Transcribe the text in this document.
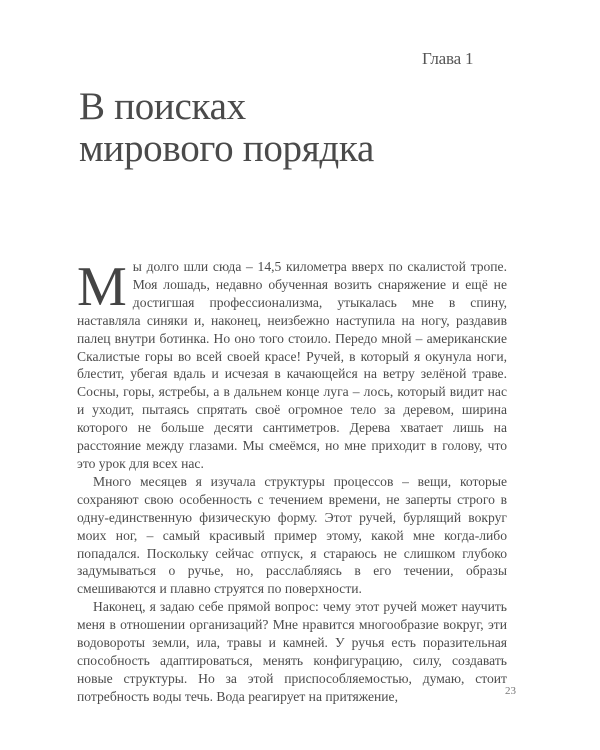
Глава 1
В поисках
мирового порядка

Мы долго шли сюда – 14,5 километра вверх по скалистой тропе. Моя лошадь, недавно обученная возить снаряжение и ещё не достигшая профессионализма, утыкалась мне в спину, наставляла синяки и, наконец, неизбежно наступила на ногу, раздавив палец внутри ботинка. Но оно того стоило. Передо мной – американские Скалистые горы во всей своей красе! Ручей, в который я окунула ноги, блестит, убегая вдаль и исчезая в качающейся на ветру зелёной траве. Сосны, горы, ястребы, а в дальнем конце луга – лось, который видит нас и уходит, пытаясь спрятать своё огромное тело за деревом, ширина которого не больше десяти сантиметров. Дерева хватает лишь на расстояние между глазами. Мы смеёмся, но мне приходит в голову, что это урок для всех нас.

Много месяцев я изучала структуры процессов – вещи, которые сохраняют свою особенность с течением времени, не заперты строго в одну-единственную физическую форму. Этот ручей, бурлящий вокруг моих ног, – самый красивый пример этому, какой мне когда-либо попадался. Поскольку сейчас отпуск, я стараюсь не слишком глубоко задумываться о ручье, но, расслабляясь в его течении, образы смешиваются и плавно струятся по поверхности.

Наконец, я задаю себе прямой вопрос: чему этот ручей может научить меня в отношении организаций? Мне нравится многообразие вокруг, эти водовороты земли, ила, травы и камней. У ручья есть поразительная способность адаптироваться, менять конфигурацию, силу, создавать новые структуры. Но за этой приспособляемостью, думаю, стоит потребность воды течь. Вода реагирует на притяжение,	23
